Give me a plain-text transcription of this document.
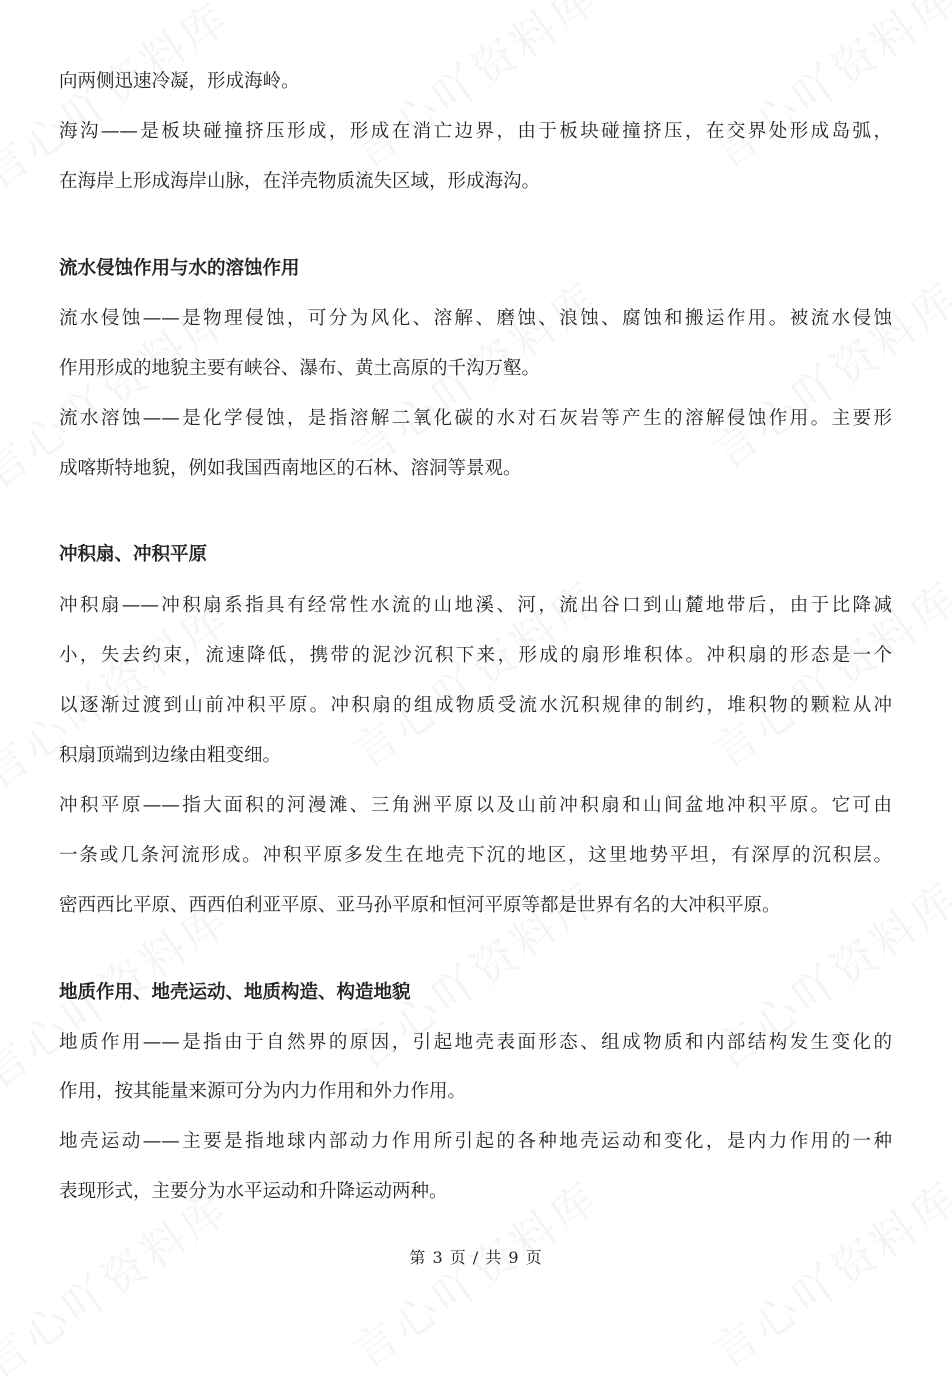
向两侧迅速冷凝，形成海岭。
海沟——是板块碰撞挤压形成，形成在消亡边界，由于板块碰撞挤压，在交界处形成岛弧，
在海岸上形成海岸山脉，在洋壳物质流失区域，形成海沟。
流水侵蚀作用与水的溶蚀作用
流水侵蚀——是物理侵蚀，可分为风化、溶解、磨蚀、浪蚀、腐蚀和搬运作用。被流水侵蚀
作用形成的地貌主要有峡谷、瀑布、黄土高原的千沟万壑。
流水溶蚀——是化学侵蚀，是指溶解二氧化碳的水对石灰岩等产生的溶解侵蚀作用。主要形
成喀斯特地貌，例如我国西南地区的石林、溶洞等景观。
冲积扇、冲积平原
冲积扇——冲积扇系指具有经常性水流的山地溪、河，流出谷口到山麓地带后，由于比降减
小，失去约束，流速降低，携带的泥沙沉积下来，形成的扇形堆积体。冲积扇的形态是一个
以逐渐过渡到山前冲积平原。冲积扇的组成物质受流水沉积规律的制约，堆积物的颗粒从冲
积扇顶端到边缘由粗变细。
冲积平原——指大面积的河漫滩、三角洲平原以及山前冲积扇和山间盆地冲积平原。它可由
一条或几条河流形成。冲积平原多发生在地壳下沉的地区，这里地势平坦，有深厚的沉积层。
密西西比平原、西西伯利亚平原、亚马孙平原和恒河平原等都是世界有名的大冲积平原。
地质作用、地壳运动、地质构造、构造地貌
地质作用——是指由于自然界的原因，引起地壳表面形态、组成物质和内部结构发生变化的
作用，按其能量来源可分为内力作用和外力作用。
地壳运动——主要是指地球内部动力作用所引起的各种地壳运动和变化，是内力作用的一种
表现形式，主要分为水平运动和升降运动两种。
第 3 页 / 共 9 页
